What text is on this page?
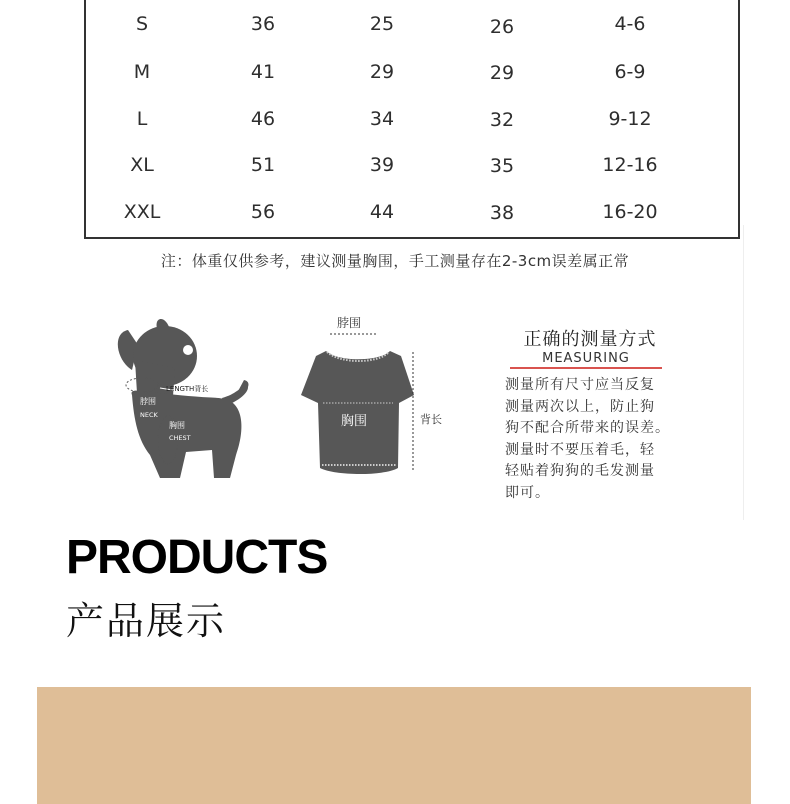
S	36	25	26	4-6
M	41	29	29	6-9
L	46	34	32	9-12
XL	51	39	35	12-16
XXL	56	44	38	16-20
注：体重仅供参考，建议测量胸围，手工测量存在2-3cm误差属正常
LENGTH背长
脖围
NECK
胸围
CHEST
脖围
胸围	背长
正确的测量方式
MEASURING
测量所有尺寸应当反复
测量两次以上，防止狗
狗不配合所带来的误差。
测量时不要压着毛，轻
轻贴着狗狗的毛发测量
即可。
PRODUCTS
产品展示
